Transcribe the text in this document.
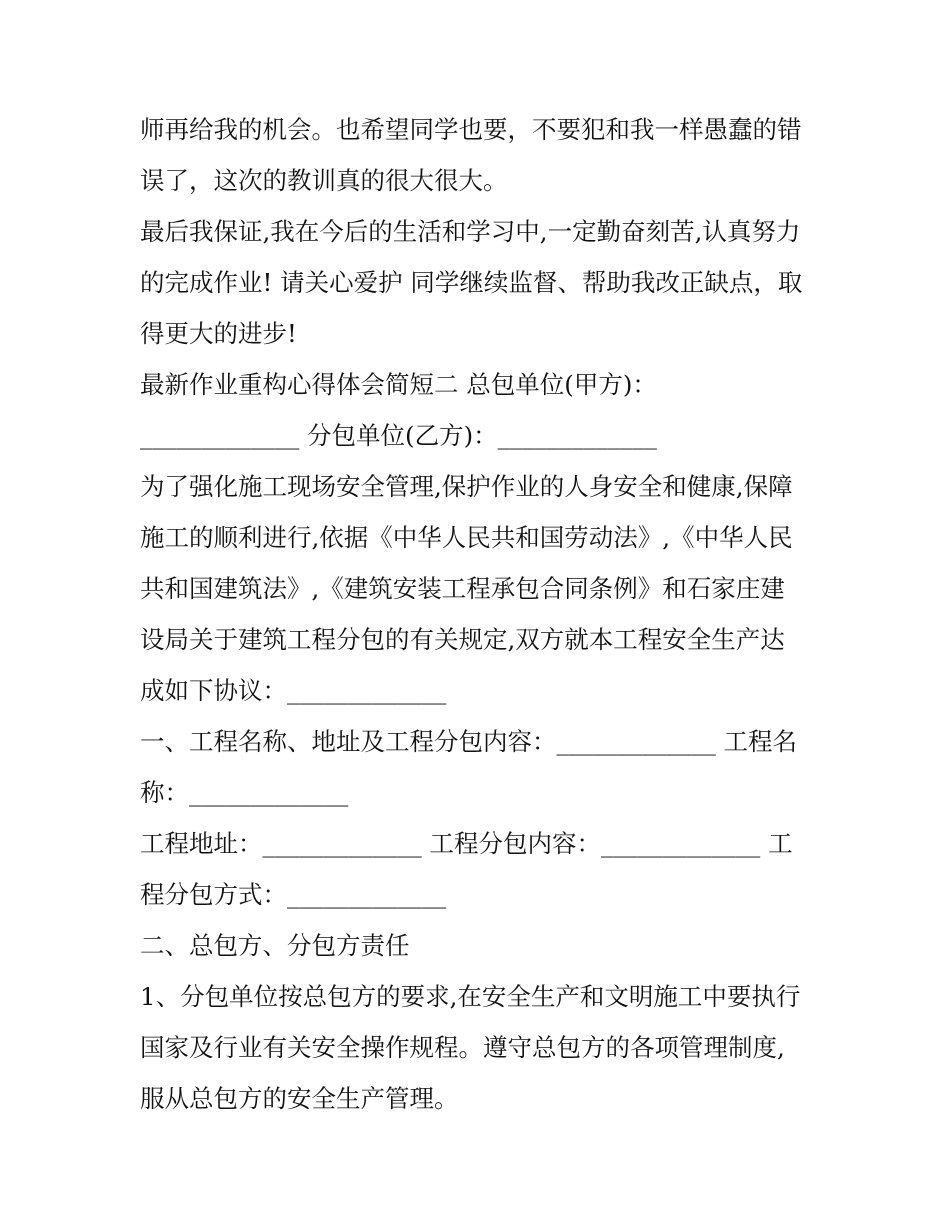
师再给我的机会。也希望同学也要，不要犯和我一样愚蠢的错
误了，这次的教训真的很大很大。
最后我保证,我在今后的生活和学习中,一定勤奋刻苦,认真努力
的完成作业! 请关心爱护 同学继续监督、帮助我改正缺点，取
得更大的进步!
最新作业重构心得体会简短二 总包单位(甲方)：
_____________ 分包单位(乙方)：_____________
为了强化施工现场安全管理,保护作业的人身安全和健康,保障
施工的顺利进行,依据《中华人民共和国劳动法》,《中华人民
共和国建筑法》,《建筑安装工程承包合同条例》和石家庄建
设局关于建筑工程分包的有关规定,双方就本工程安全生产达
成如下协议：_____________
一、工程名称、地址及工程分包内容：_____________ 工程名
称：_____________
工程地址：_____________ 工程分包内容：_____________ 工
程分包方式：_____________
二、总包方、分包方责任
1、分包单位按总包方的要求,在安全生产和文明施工中要执行
国家及行业有关安全操作规程。遵守总包方的各项管理制度,
服从总包方的安全生产管理。
